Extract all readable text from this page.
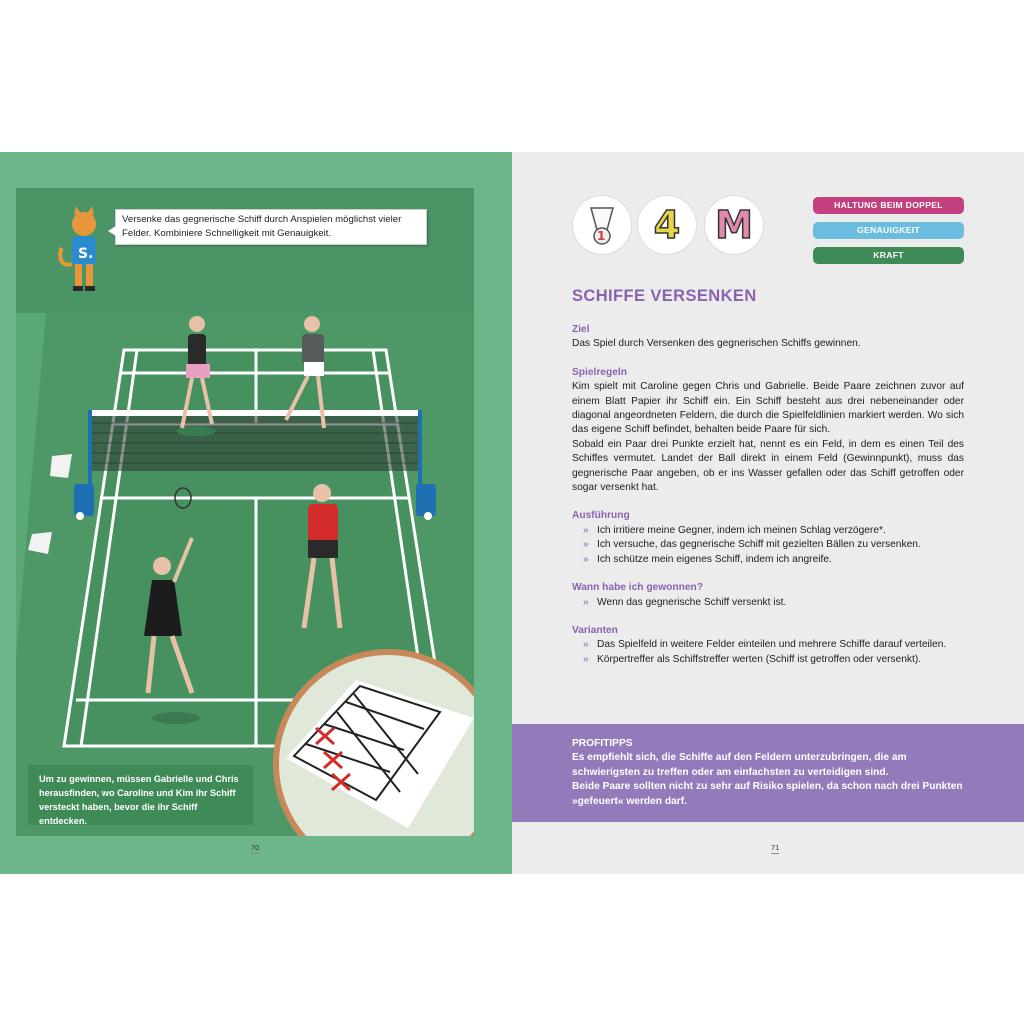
S.
Versenke das gegnerische Schiff durch Anspielen möglichst vieler Felder. Kombiniere Schnelligkeit mit Genauigkeit.
Um zu gewinnen, müssen Gabrielle und Chris herausfinden, wo Caroline und Kim ihr Schiff versteckt haben, bevor die ihr Schiff entdecken.
70
1	4 M	HALTUNG BEIM DOPPEL
GENAUIGKEIT
KRAFT
SCHIFFE VERSENKEN
Ziel

Das Spiel durch Versenken des gegnerischen Schiffs gewinnen.

Spielregeln

Kim spielt mit Caroline gegen Chris und Gabrielle. Beide Paare zeichnen zuvor auf einem Blatt Papier ihr Schiff ein. Ein Schiff besteht aus drei nebeneinander oder diagonal angeordneten Feldern, die durch die Spielfeldlinien markiert werden. Wo sich das eigene Schiff befindet, behalten beide Paare für sich.

Sobald ein Paar drei Punkte erzielt hat, nennt es ein Feld, in dem es einen Teil des Schiffes vermutet. Landet der Ball direkt in einem Feld (Gewinnpunkt), muss das gegnerische Paar angeben, ob er ins Wasser gefallen oder das Schiff getroffen oder sogar versenkt hat.

Ausführung
» Ich irritiere meine Gegner, indem ich meinen Schlag verzögere*.
» Ich versuche, das gegnerische Schiff mit gezielten Bällen zu versenken.
» Ich schütze mein eigenes Schiff, indem ich angreife.
Wann habe ich gewonnen?
» Wenn das gegnerische Schiff versenkt ist.
Varianten
» Das Spielfeld in weitere Felder einteilen und mehrere Schiffe darauf verteilen.
» Körpertreffer als Schiffstreffer werten (Schiff ist getroffen oder versenkt).

PROFITIPPS

Es empfiehlt sich, die Schiffe auf den Feldern unterzubringen, die am schwierigsten zu treffen oder am einfachsten zu verteidigen sind.

Beide Paare sollten nicht zu sehr auf Risiko spielen, da schon nach drei Punkten »gefeuert« werden darf.

71
